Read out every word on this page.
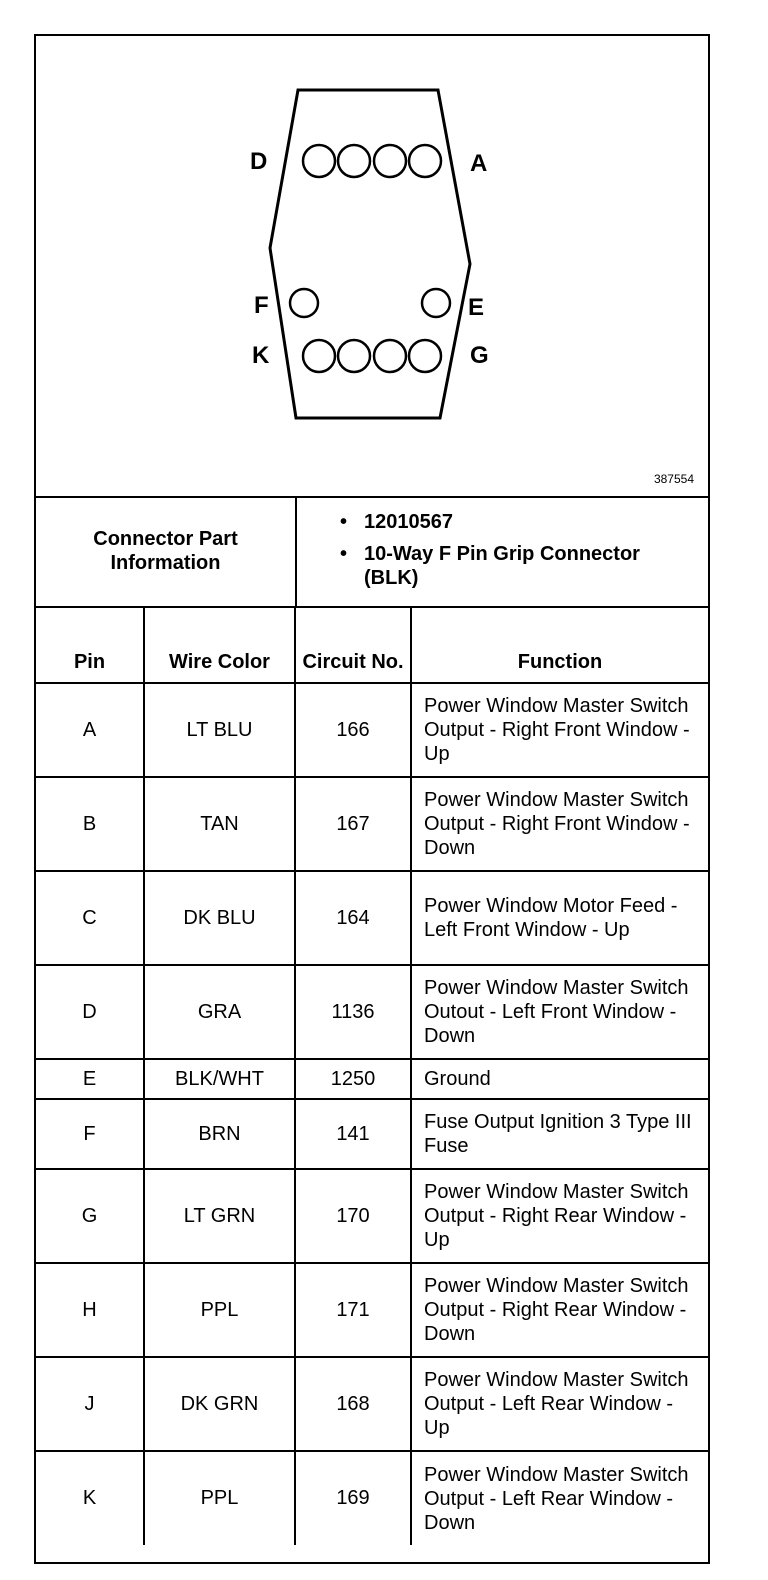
D	A
F	E
K	G
387554
Connector Part Information
• 12010567
• 10-Way F Pin Grip Connector (BLK)
Pin	Wire Color	Circuit No.	Function
A	LT BLU	166	Power Window Master Switch Output - Right Front Window - Up
B	TAN	167	Power Window Master Switch Output - Right Front Window - Down
C	DK BLU	164	Power Window Motor Feed - Left Front Window - Up
D	GRA	1136	Power Window Master Switch Outout - Left Front Window - Down
E	BLK/WHT	1250	Ground
F	BRN	141	Fuse Output Ignition 3 Type III Fuse
G	LT GRN	170	Power Window Master Switch Output - Right Rear Window - Up
H	PPL	171	Power Window Master Switch Output - Right Rear Window - Down
J	DK GRN	168	Power Window Master Switch Output - Left Rear Window - Up
K	PPL	169	Power Window Master Switch Output - Left Rear Window - Down
